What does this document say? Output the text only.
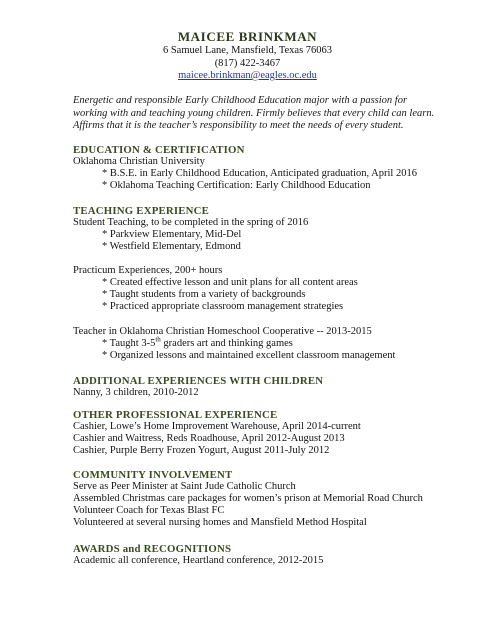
MAICEE BRINKMAN
6 Samuel Lane, Mansfield, Texas 76063
(817) 422-3467
maicee.brinkman@eagles.oc.edu
Energetic and responsible Early Childhood Education major with a passion for
working with and teaching young children. Firmly believes that every child can learn.
Affirms that it is the teacher’s responsibility to meet the needs of every student.
EDUCATION & CERTIFICATION
Oklahoma Christian University
* B.S.E. in Early Childhood Education, Anticipated graduation, April 2016
* Oklahoma Teaching Certification: Early Childhood Education
TEACHING EXPERIENCE
Student Teaching, to be completed in the spring of 2016
* Parkview Elementary, Mid-Del
* Westfield Elementary, Edmond
Practicum Experiences, 200+ hours
* Created effective lesson and unit plans for all content areas
* Taught students from a variety of backgrounds
* Practiced appropriate classroom management strategies
Teacher in Oklahoma Christian Homeschool Cooperative -- 2013-2015
* Taught 3-5th graders art and thinking games
* Organized lessons and maintained excellent classroom management
ADDITIONAL EXPERIENCES WITH CHILDREN
Nanny, 3 children, 2010-2012
OTHER PROFESSIONAL EXPERIENCE
Cashier, Lowe’s Home Improvement Warehouse, April 2014-current
Cashier and Waitress, Reds Roadhouse, April 2012-August 2013
Cashier, Purple Berry Frozen Yogurt, August 2011-July 2012
COMMUNITY INVOLVEMENT
Serve as Peer Minister at Saint Jude Catholic Church
Assembled Christmas care packages for women’s prison at Memorial Road Church
Volunteer Coach for Texas Blast FC
Volunteered at several nursing homes and Mansfield Method Hospital
AWARDS and RECOGNITIONS
Academic all conference, Heartland conference, 2012-2015
